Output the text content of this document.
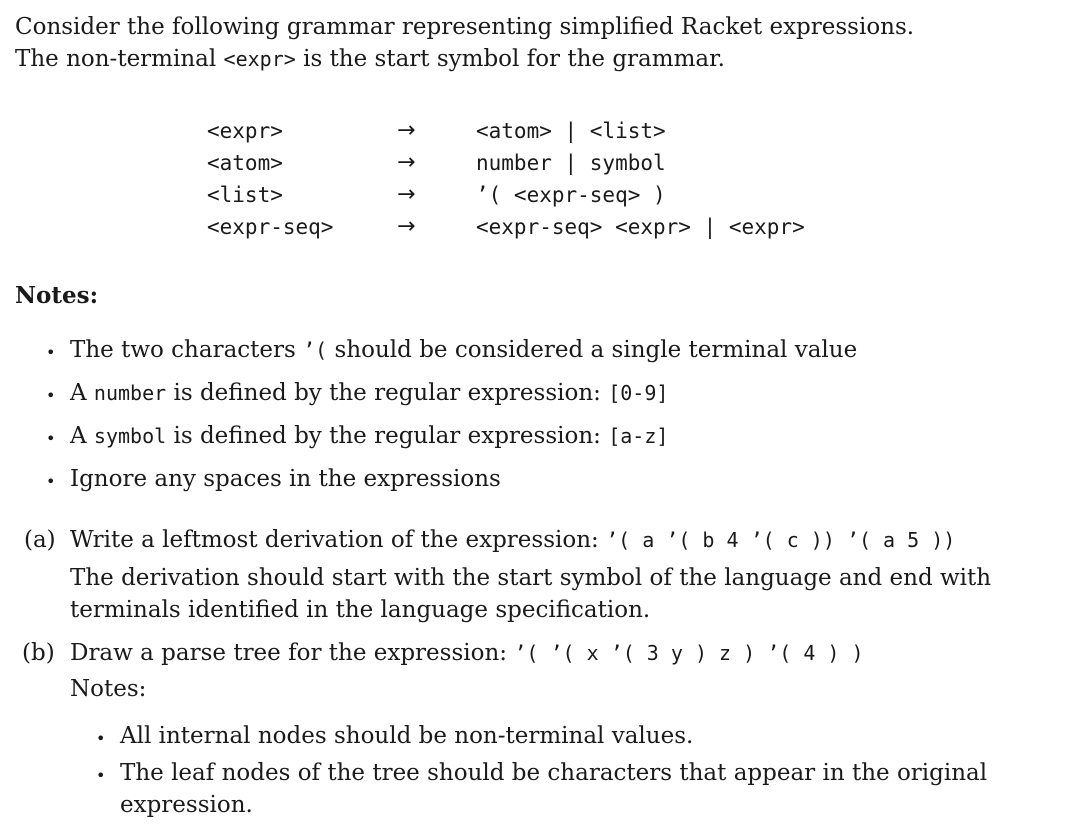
Consider the following grammar representing simplified Racket expressions.
The non-terminal <expr> is the start symbol for the grammar.
<expr>	→	<atom> | <list>
<atom>	→	number | symbol
<list>	→	’( <expr-seq> )
<expr-seq>	→	<expr-seq> <expr> | <expr>
Notes:
• The two characters ’( should be considered a single terminal value
• A number is defined by the regular expression: [0-9]
• A symbol is defined by the regular expression: [a-z]
• Ignore any spaces in the expressions
(a) Write a leftmost derivation of the expression: ’( a ’( b 4 ’( c )) ’( a 5 ))
The derivation should start with the start symbol of the language and end with
terminals identified in the language specification.
(b) Draw a parse tree for the expression: ’( ’( x ’( 3 y ) z ) ’( 4 ) )
Notes:
• All internal nodes should be non-terminal values.
• The leaf nodes of the tree should be characters that appear in the original
expression.
